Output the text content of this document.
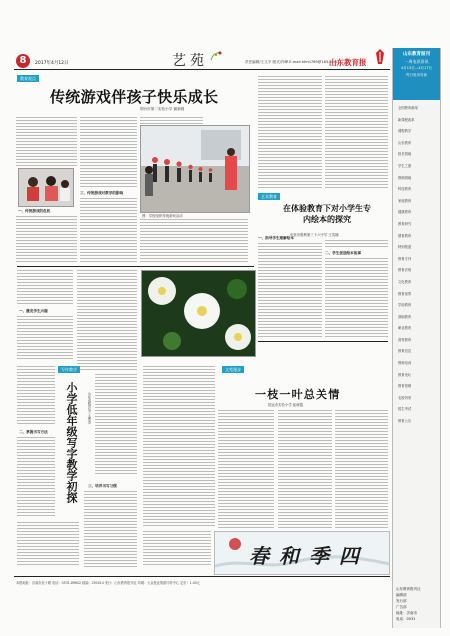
8	2017年4月12日	艺苑	责任编辑/王文平 版式/许峰 E-mail:hhnh789@163.com
山东教育报
山东教育报刊
一周电讯资讯
4月13日—4月17日
每日电讯导读
全国教育新闻
新课程改革
课程教学
山东教育
校长园地
学生之窗
教师园地
科技教育
家庭教育
健康教育
教育研究
德育教育
特别报道
教育专刊
教育法规
文化教育
教育视界
学前教育
基础教育
职业教育
高等教育
教育信息
教师培训
教育论坛
教育管理
名校风采
招生考试
教育公告
山东教育报刊社
编辑部
发行部
广告部
地址：济南市
电话：0531
教育视点
传统游戏伴孩子快乐成长
烟台市第二实验小学 蒲新刚
一、传统游戏的危机
三、传统游戏对教学的影响
图：学校组织传统游戏活动
艺术教育
在体验教育下对小学生专内绘本的探究
东营市胜利第三十六中学 王英娜
一、指导学生理解绘本
二、学生创造绘本故事
一、激发学生兴趣
写作教学
小学低年级写字教学初探	山东省临沂市 王俊杰
二、掌握书写方法
三、培养书写习惯
文苑漫步
一枝一叶总关情
招远市实验小学 崔晓霞
春和季四
本报地址：济南市经十路 电话：0531-89602 邮编：250014 发行：山东教育报刊社 印刷：大众报业集团印务中心 定价：1.00元
